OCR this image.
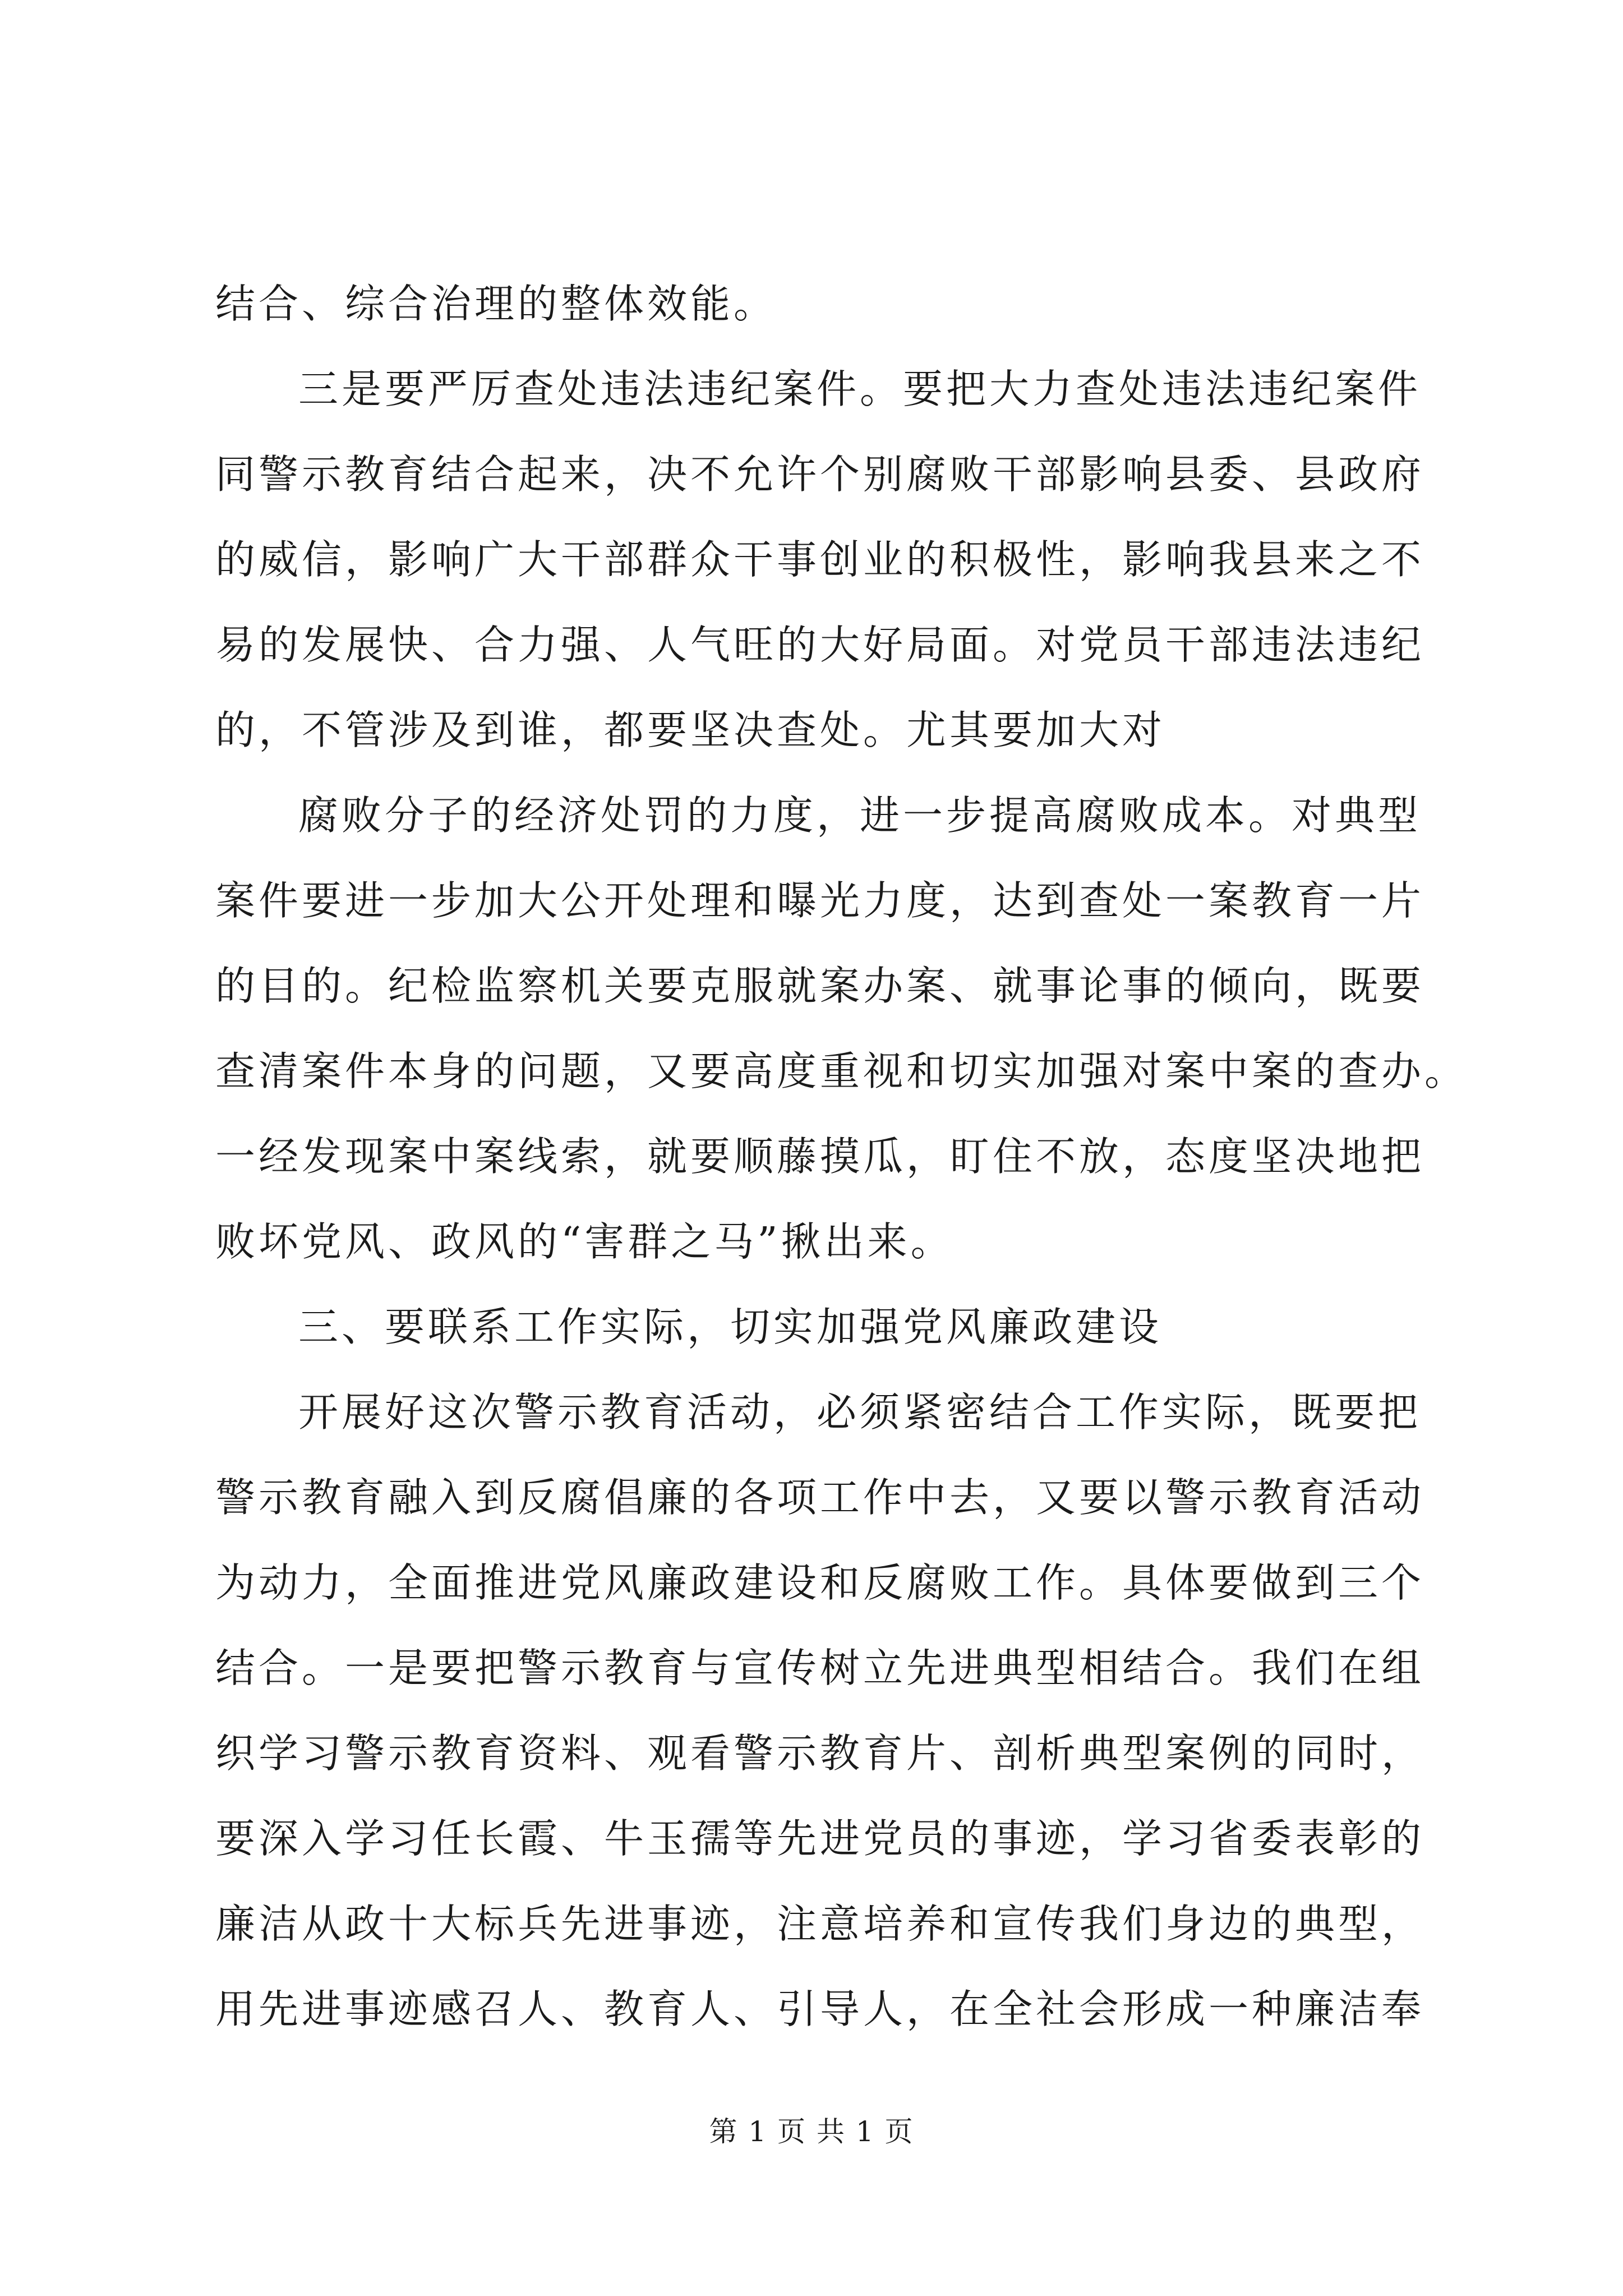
结合、综合治理的整体效能。
三是要严厉查处违法违纪案件。要把大力查处违法违纪案件
同警示教育结合起来，决不允许个别腐败干部影响县委、县政府
的威信，影响广大干部群众干事创业的积极性，影响我县来之不
易的发展快、合力强、人气旺的大好局面。对党员干部违法违纪
的，不管涉及到谁，都要坚决查处。尤其要加大对
腐败分子的经济处罚的力度，进一步提高腐败成本。对典型
案件要进一步加大公开处理和曝光力度，达到查处一案教育一片
的目的。纪检监察机关要克服就案办案、就事论事的倾向，既要
查清案件本身的问题，又要高度重视和切实加强对案中案的查办。
一经发现案中案线索，就要顺藤摸瓜，盯住不放，态度坚决地把
败坏党风、政风的“害群之马”揪出来。
三、要联系工作实际，切实加强党风廉政建设
开展好这次警示教育活动，必须紧密结合工作实际，既要把
警示教育融入到反腐倡廉的各项工作中去，又要以警示教育活动
为动力，全面推进党风廉政建设和反腐败工作。具体要做到三个
结合。一是要把警示教育与宣传树立先进典型相结合。我们在组
织学习警示教育资料、观看警示教育片、剖析典型案例的同时，
要深入学习任长霞、牛玉孺等先进党员的事迹，学习省委表彰的
廉洁从政十大标兵先进事迹，注意培养和宣传我们身边的典型，
用先进事迹感召人、教育人、引导人，在全社会形成一种廉洁奉
第 1 页 共 1 页
